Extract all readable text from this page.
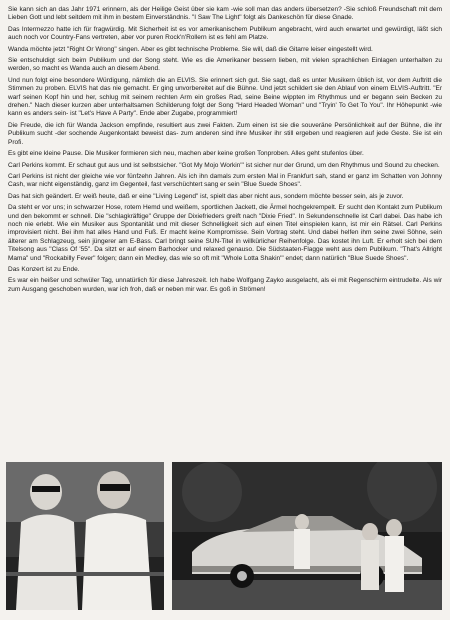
Sie kann sich an das Jahr 1971 erinnern, als der Heilige Geist über sie kam -wie soll man das anders übersetzen? -Sie schloß Freundschaft mit dem Lieben Gott und lebt seitdem mit ihm in bestem Einverständnis. "I Saw The Light" folgt als Dankeschön für diese Gnade.

Das Intermezzo hatte ich für fragwürdig. Mit Sicherheit ist es vor amerikanischem Publikum angebracht, wird auch erwartet und gewürdigt, läßt sich auch noch vor Country-Fans vertreten, aber vor puren Rock'n'Rollern ist es fehl am Platze.

Wanda möchte jetzt "Right Or Wrong" singen. Aber es gibt technische Probleme. Sie will, daß die Gitarre leiser eingestellt wird.

Sie entschuldigt sich beim Publikum und der Song steht. Wie es die Amerikaner bessern lieben, mit vielen sprachlichen Einlagen unterhalten zu werden, so macht es Wanda auch an diesem Abend.

Und nun folgt eine besondere Würdigung, nämlich die an ELVIS. Sie erinnert sich gut. Sie sagt, daß es unter Musikern üblich ist, vor dem Auftritt die Stimmen zu proben. ELVIS hat das nie gemacht. Er ging unvorbereitet auf die Bühne. Und jetzt schildert sie den Ablauf von einem ELVIS-Auftritt. "Er warf seinen Kopf hin und her, schlug mit seinem rechten Arm ein großes Rad, seine Beine wippten im Rhythmus und er begann sein Becken zu drehen." Nach dieser kurzen aber unterhaltsamen Schilderung folgt der Song "Hard Headed Woman" und "Tryin' To Get To You". Ihr Höhepunkt -wie kann es anders sein- ist "Let's Have A Party". Ende aber Zugabe, programmiert!

Die Freude, die ich für Wanda Jackson empfinde, resultiert aus zwei Fakten. Zum einen ist sie die souveräne Persönlichkeit auf der Bühne, die ihr Publikum sucht -der sochende Augenkontakt beweist das- zum anderen sind ihre Musiker ihr still ergeben und reagieren auf jede Geste. Sie ist ein Profi.

Es gibt eine kleine Pause. Die Musiker formieren sich neu, machen aber keine großen Tonproben. Alles geht stufenlos über.

Carl Perkins kommt. Er schaut gut aus und ist selbstsicher. "Got My Mojo Workin'" ist sicher nur der Grund, um den Rhythmus und Sound zu checken.

Carl Perkins ist nicht der gleiche wie vor fünfzehn Jahren. Als ich ihn damals zum ersten Mal in Frankfurt sah, stand er ganz im Schatten von Johnny Cash, war nicht eigenständig, ganz im Gegenteil, fast verschüchtert sang er sein "Blue Suede Shoes".

Das hat sich geändert. Er weiß heute, daß er eine "Living Legend" ist, spielt das aber nicht aus, sondern möchte besser sein, als je zuvor.

Da steht er vor uns; in schwarzer Hose, rotem Hemd und weißem, sportlichen Jackett, die Ärmel hochgekrempelt. Er sucht den Kontakt zum Publikum und den bekommt er schnell. Die "schlagkräftige" Gruppe der Dixiefrieders greift nach "Dixie Fried". In Sekundenschnelle ist Carl dabei. Das habe ich noch nie erlebt. Wie ein Musiker aus Spontanität und mit dieser Schnelligkeit sich auf einen Titel einspielen kann, ist mir ein Rätsel. Carl Perkins improvisiert nicht. Bei ihm hat alles Hand und Fuß. Er macht keine Kompromisse. Sein Vortrag steht. Und dabei helfen ihm seine zwei Söhne, sein älterer am Schlagzeug, sein jüngerer am E-Bass. Carl bringt seine SUN-Titel in willkürlicher Reihenfolge. Das kostet ihn Luft. Er erholt sich bei dem Titelsong aus "Class Of '55". Da sitzt er auf einem Barhocker und relaxed genauso. Die Südstaaten-Flagge weht aus dem Publikum. "That's Allright Mama" und "Rockabilly Fever" folgen; dann ein Medley, das wie so oft mit "Whole Lotta Shakin'" endet; dann natürlich "Blue Suede Shoes".

Das Konzert ist zu Ende.

Es war ein heißer und schwüler Tag, unnatürlich für diese Jahreszeit. Ich habe Wolfgang Zayko ausgelacht, als ei mit Regenschirm eintrudelte. Als wir zum Ausgang geschoben wurden, war ich froh, daß er neben mir war. Es goß in Strömen!
